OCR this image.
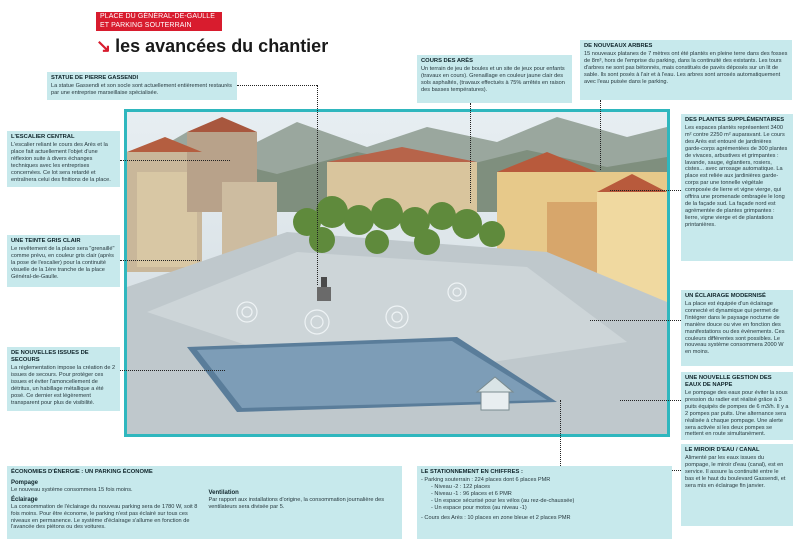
PLACE DU GÉNÉRAL-DE-GAULLE
ET PARKING SOUTERRAIN
↘ les avancées du chantier
STATUE DE PIERRE GASSENDI

La statue Gassendi et son socle sont actuellement entièrement restaurés par une entreprise marseillaise spécialisée.

COURS DES ARÈS

Un terrain de jeu de boules et un site de jeux pour enfants (travaux en cours). Grenaillage en couleur jaune clair des sols asphaltés, (travaux effectués à 75% arrêtés en raison des basses températures).

DE NOUVEAUX ARBRES

15 nouveaux platanes de 7 mètres ont été plantés en pleine terre dans des fosses de 8m³, hors de l'emprise du parking, dans la continuité des existants. Les tours d'arbres ne sont pas bétonnés, mais constitués de pavés déposés sur un lit de sable. Ils sont posés à l'air et à l'eau. Les arbres sont arrosés automatiquement avec l'eau puisée dans le parking.

L'ESCALIER CENTRAL

L'escalier reliant le cours des Arès et la place fait actuellement l'objet d'une réflexion suite à divers échanges techniques avec les entreprises concernées. Ce lot sera retardé et entraînera celui des finitions de la place.

DES PLANTES SUPPLÉMENTAIRES

Les espaces plantés représentent 3400 m² contre 2250 m² auparavant. Le cours des Arès est entouré de jardinières garde-corps agrémentées de 300 plantes de vivaces, arbustives et grimpantes : lavande, sauge, églantiers, rosiers, cistes... avec arrosage automatique. La place est reliée aux jardinières garde-corps par une tonnelle végétale composée de lierre et vigne vierge, qui offrira une promenade ombragée le long de la façade sud. La façade nord est agrémentée de plantes grimpantes : lierre, vigne vierge et de plantations printanières.

UNE TEINTE GRIS CLAIR

Le revêtement de la place sera "grenaillé" comme prévu, en couleur gris clair (après la pose de l'escalier) pour la continuité visuelle de la 1ère tranche de la place Général-de-Gaulle.

UN ÉCLAIRAGE MODERNISÉ

La place est équipée d'un éclairage connecté et dynamique qui permet de l'intégrer dans le paysage nocturne de manière douce ou vive en fonction des manifestations ou des événements. Ces couleurs différentes sont possibles. Le nouveau système consommera 2000 W en moins.

DE NOUVELLES ISSUES DE SECOURS

La réglementation impose la création de 2 issues de secours. Pour protéger ces issues et éviter l'amoncellement de détritus, un habillage métallique a été posé. Ce dernier est légèrement transparent pour plus de visibilité.

UNE NOUVELLE GESTION DES EAUX DE NAPPE

Le pompage des eaux pour éviter la sous pression du radier est réalisé grâce à 3 puits équipés de pompes de 6 m3/h. Il y a 2 pompes par puits. Une alternance sera réalisée à chaque pompage. Une alerte sera activée si les deux pompes se mettent en route simultanément.

LE MIROIR D'EAU / CANAL

Alimenté par les eaux issues du pompage, le miroir d'eau (canal), est en service. Il assure la continuité entre le bas et le haut du boulevard Gassendi, et sera mis en éclairage fin janvier.

ÉCONOMIES D'ÉNERGIE : UN PARKING ÉCONOME
Pompage

Le nouveau système consommera 15 fois moins.

Éclairage

La consommation de l'éclairage du nouveau parking sera de 1780 W, soit 8 fois moins. Pour être économe, le parking n'est pas éclairé sur tous ces niveaux en permanence. Le système d'éclairage s'allume en fonction de l'avancée des piétons ou des voitures.

Ventilation

Par rapport aux installations d'origine, la consommation journalière des ventilateurs sera divisée par 5.

LE STATIONNEMENT EN CHIFFRES :

- Parking souterrain : 224 places dont 6 places PMR

- Niveau -2 : 122 places

- Niveau -1 : 96 places et 6 PMR

- Un espace sécurisé pour les vélos (au rez-de-chaussée)

- Un espace pour motos (au niveau -1)

- Cours des Arès : 10 places en zone bleue et 2 places PMR
